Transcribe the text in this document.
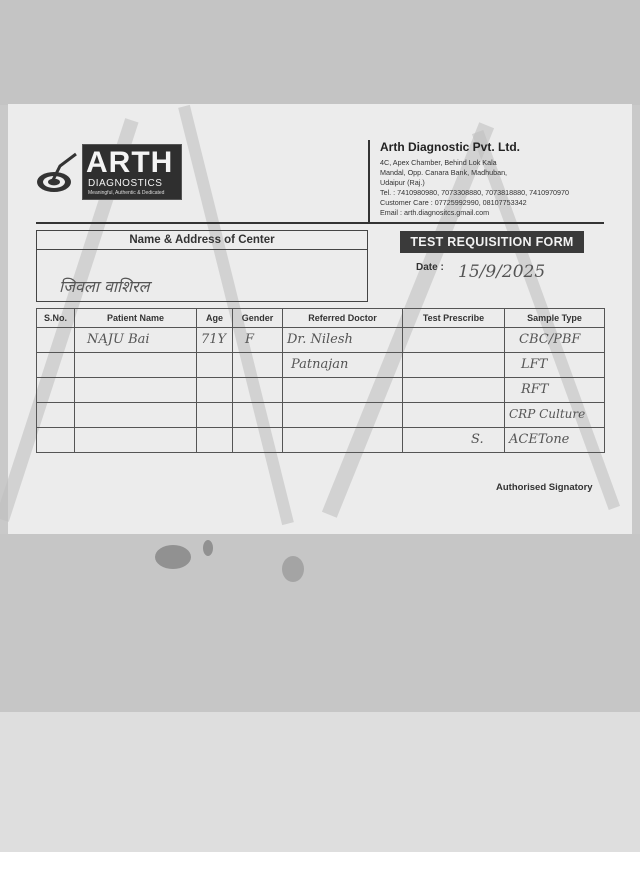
ARTH
DIAGNOSTICS
Meaningful, Authentic & Dedicated
Arth Diagnostic Pvt. Ltd.
4C, Apex Chamber, Behind Lok Kala
Mandal, Opp. Canara Bank, Madhuban,
Udaipur (Raj.)
Tel. : 7410980980, 7073308880, 7073818880, 7410970970
Customer Care : 07725992990, 08107753342
Email : arth.diagnositcs.gmail.com
Name & Address of Center
जिवला वाशिरल
TEST REQUISITION FORM
Date : 15/9/2025
S.No.	Patient Name	Age	Gender	Referred Doctor	Test Prescribe	Sample Type

	NAJU Bai	71Y	F	Dr. Nilesh		CBC/PBF

				Patnajan		LFT

						RFT

						CRP Culture

					S.	ACETone
Authorised Signatory
